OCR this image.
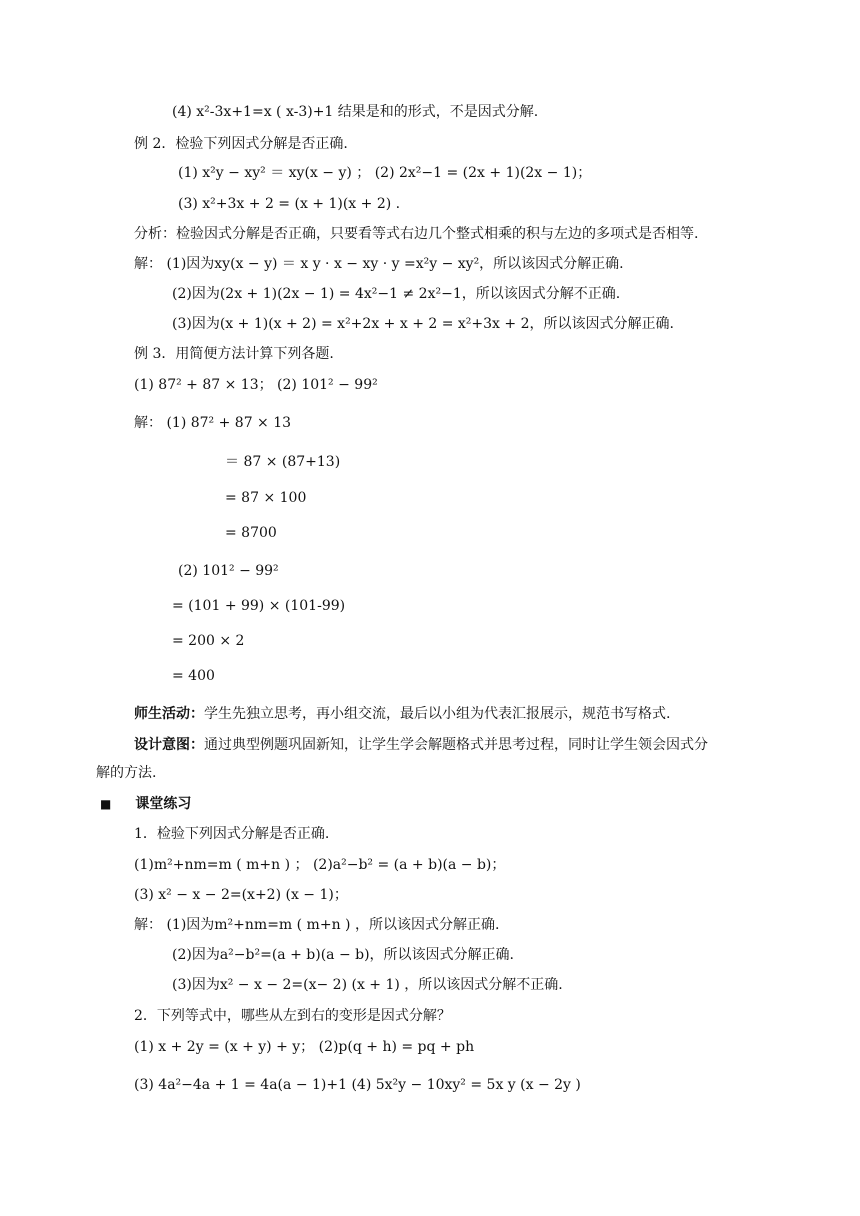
(4) x²-3x+1=x ( x-3)+1 结果是和的形式，不是因式分解.
例 2．检验下列因式分解是否正确.
(1) x²y − xy² ＝ xy(x − y) ； (2) 2x²−1 = (2x + 1)(2x − 1)；
(3) x²+3x + 2 = (x + 1)(x + 2) .
分析：检验因式分解是否正确，只要看等式右边几个整式相乘的积与左边的多项式是否相等.
解： (1)因为xy(x − y) ＝ x y · x − xy · y =x²y − xy²，所以该因式分解正确.
(2)因为(2x + 1)(2x − 1) = 4x²−1 ≠ 2x²−1，所以该因式分解不正确.
(3)因为(x + 1)(x + 2) = x²+2x + x + 2 = x²+3x + 2，所以该因式分解正确.
例 3．用简便方法计算下列各题.
(1) 87² + 87 × 13； (2) 101² − 99²
解： (1) 87² + 87 × 13
＝ 87 × (87+13)
= 87 × 100
= 8700
(2) 101² − 99²
= (101 + 99) × (101-99)
= 200 × 2
= 400
师生活动：学生先独立思考，再小组交流，最后以小组为代表汇报展示，规范书写格式.
设计意图：通过典型例题巩固新知，让学生学会解题格式并思考过程，同时让学生领会因式分
解的方法.
■ 课堂练习
1．检验下列因式分解是否正确.
(1)m²+nm=m ( m+n ) ； (2)a²−b² = (a + b)(a − b)；
(3) x² − x − 2=(x+2) (x − 1)；
解： (1)因为m²+nm=m ( m+n ) ，所以该因式分解正确.
(2)因为a²−b²=(a + b)(a − b)，所以该因式分解正确.
(3)因为x² − x − 2=(x− 2) (x + 1) ，所以该因式分解不正确.
2．下列等式中，哪些从左到右的变形是因式分解？
(1) x + 2y = (x + y) + y； (2)p(q + h) = pq + ph
(3) 4a²−4a + 1 = 4a(a − 1)+1 (4) 5x²y − 10xy² = 5x y (x − 2y )
